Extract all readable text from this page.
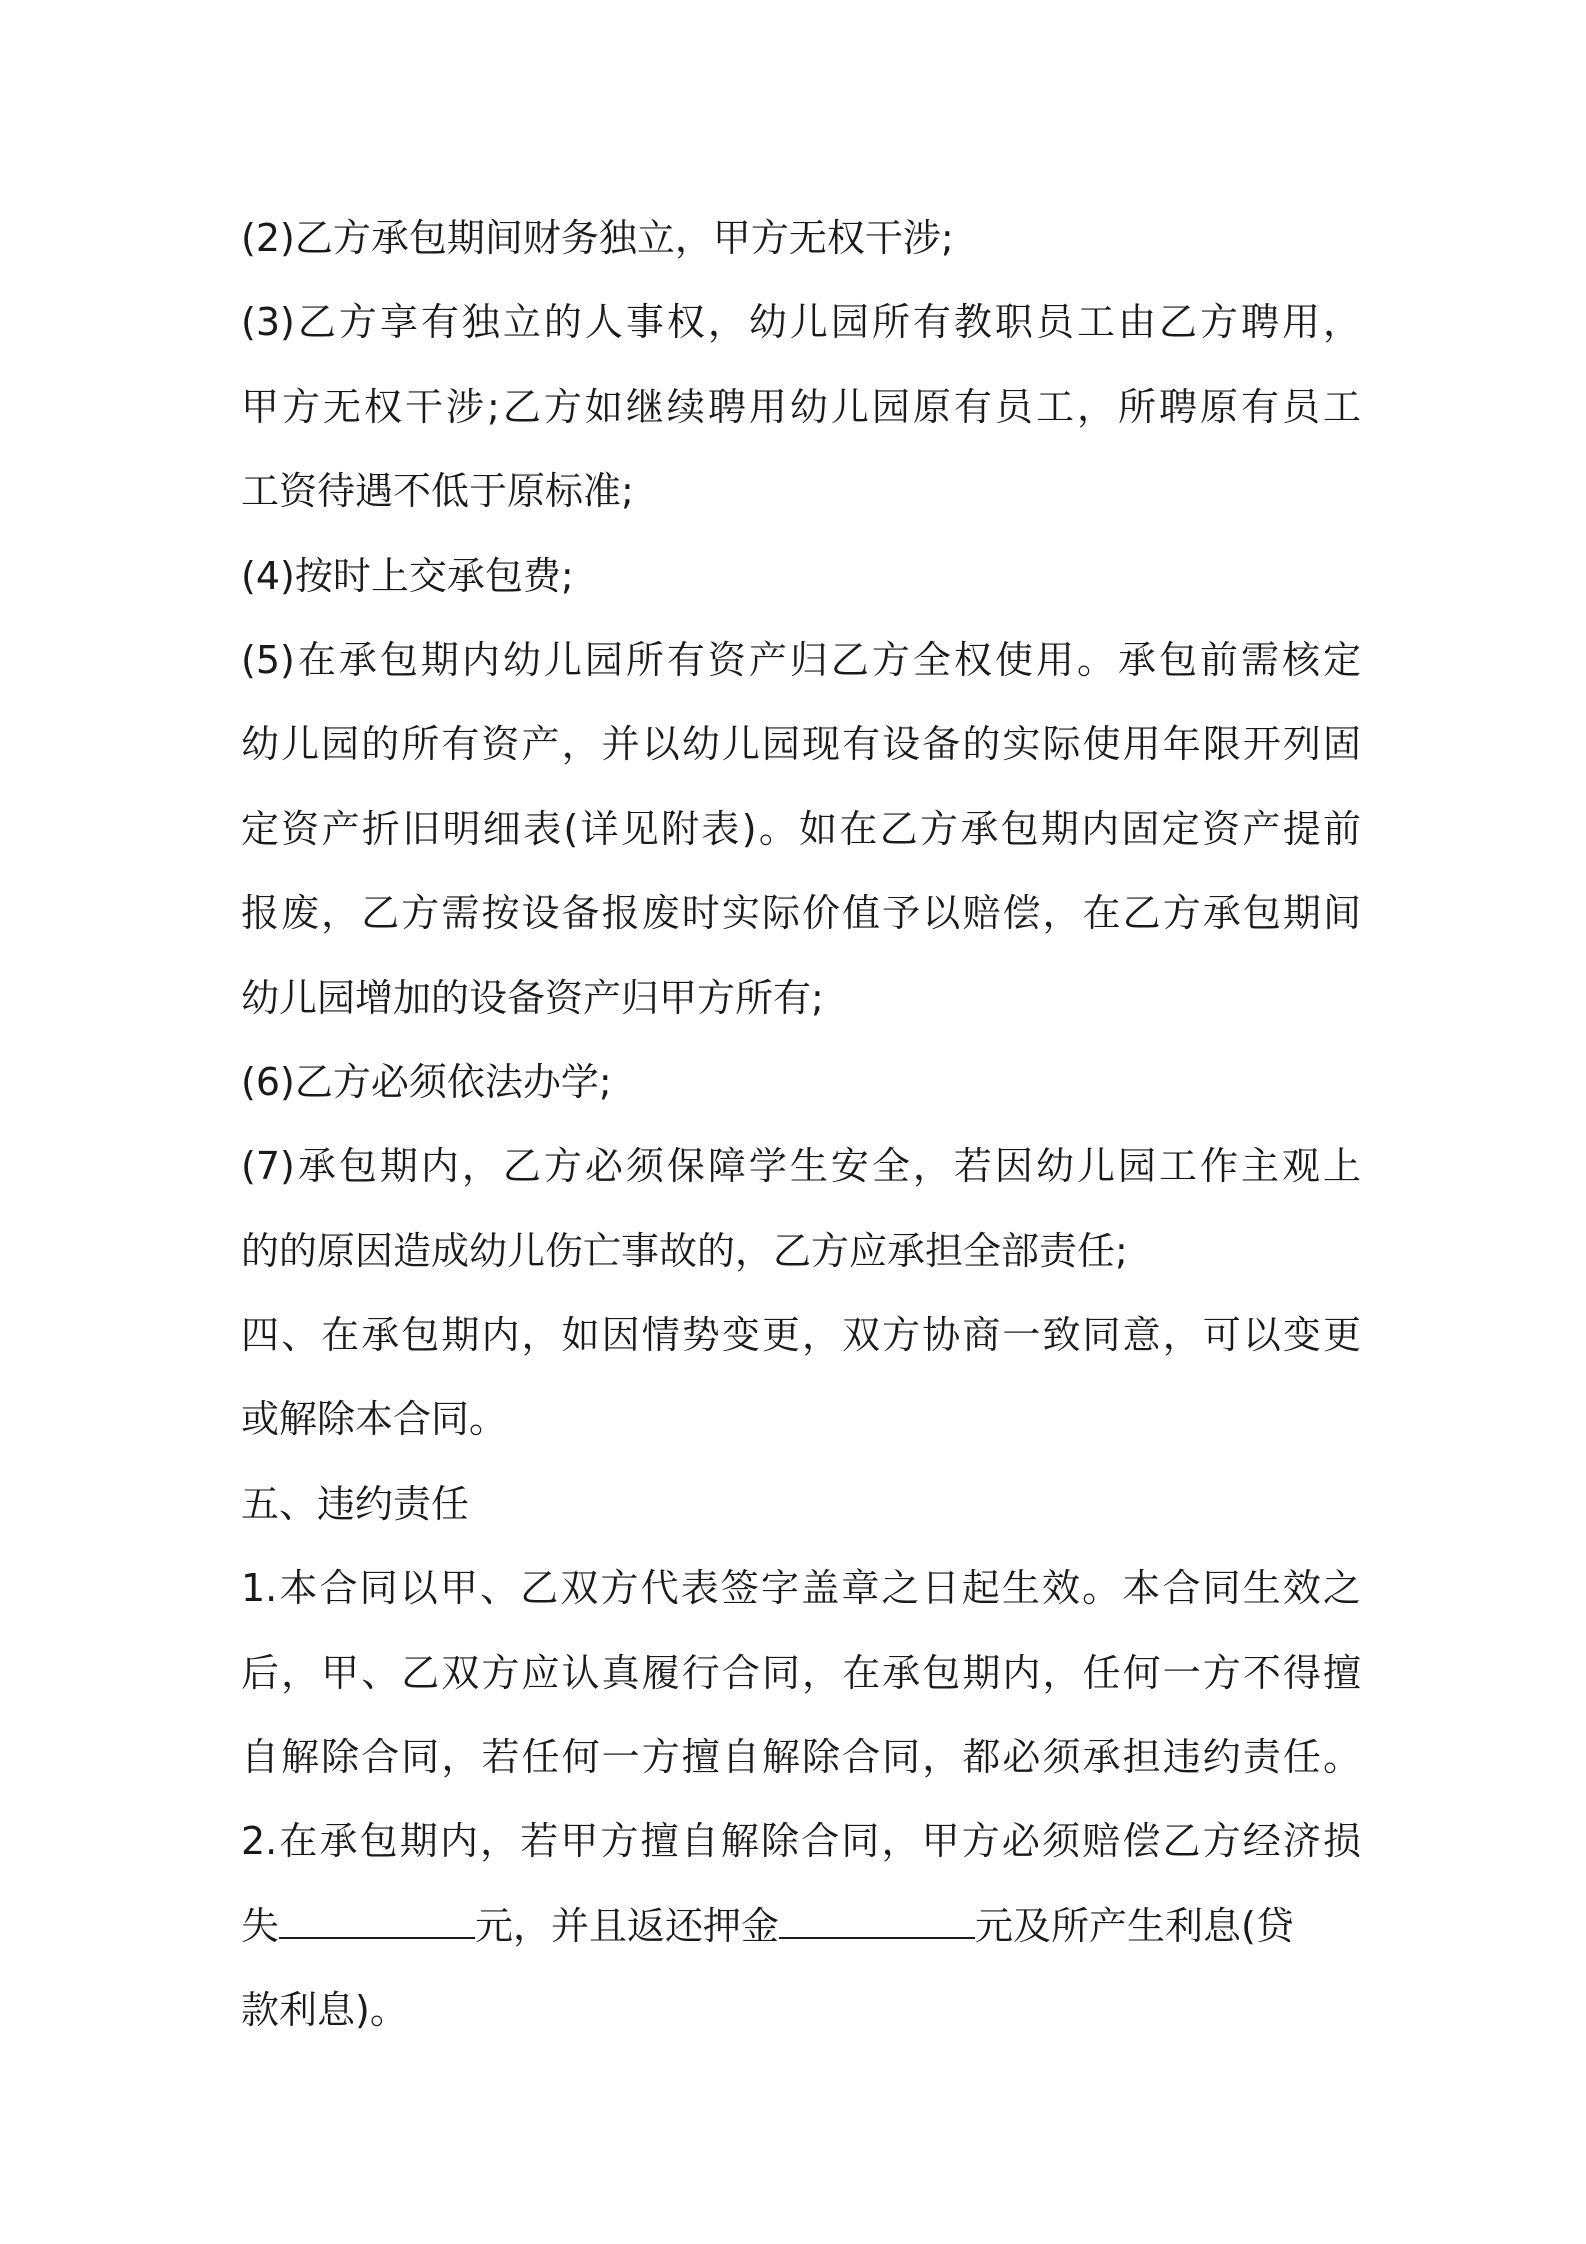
(2)乙方承包期间财务独立，甲方无权干涉;
(3)乙方享有独立的人事权，幼儿园所有教职员工由乙方聘用，
甲方无权干涉;乙方如继续聘用幼儿园原有员工，所聘原有员工
工资待遇不低于原标准;
(4)按时上交承包费;
(5)在承包期内幼儿园所有资产归乙方全权使用。承包前需核定
幼儿园的所有资产，并以幼儿园现有设备的实际使用年限开列固
定资产折旧明细表(详见附表)。如在乙方承包期内固定资产提前
报废，乙方需按设备报废时实际价值予以赔偿，在乙方承包期间
幼儿园增加的设备资产归甲方所有;
(6)乙方必须依法办学;
(7)承包期内，乙方必须保障学生安全，若因幼儿园工作主观上
的的原因造成幼儿伤亡事故的，乙方应承担全部责任;
四、在承包期内，如因情势变更，双方协商一致同意，可以变更
或解除本合同。
五、违约责任
1.本合同以甲、乙双方代表签字盖章之日起生效。本合同生效之
后，甲、乙双方应认真履行合同，在承包期内，任何一方不得擅
自解除合同，若任何一方擅自解除合同，都必须承担违约责任。
2.在承包期内，若甲方擅自解除合同，甲方必须赔偿乙方经济损
失	元，并且返还押金	元及所产生利息(贷
款利息)。
